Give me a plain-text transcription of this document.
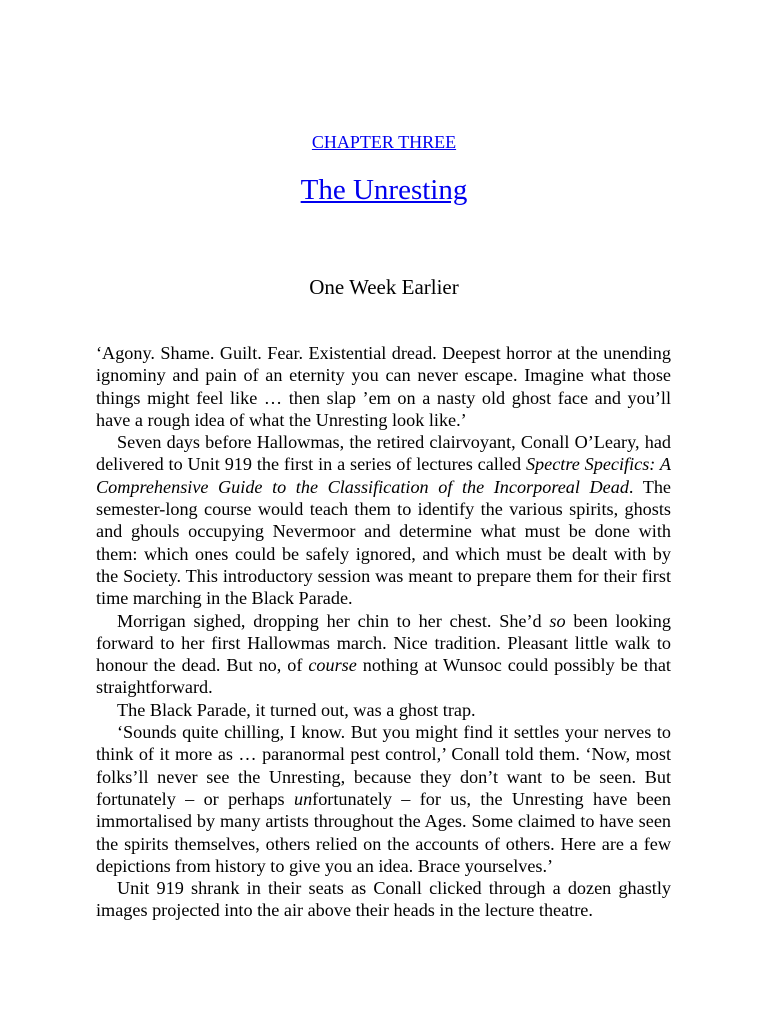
CHAPTER THREE
The Unresting
One Week Earlier

‘Agony. Shame. Guilt. Fear. Existential dread. Deepest horror at the unending ignominy and pain of an eternity you can never escape. Imagine what those things might feel like … then slap ’em on a nasty old ghost face and you’ll have a rough idea of what the Unresting look like.’

Seven days before Hallowmas, the retired clairvoyant, Conall O’Leary, had delivered to Unit 919 the first in a series of lectures called Spectre Specifics: A Comprehensive Guide to the Classification of the Incorporeal Dead. The semester-long course would teach them to identify the various spirits, ghosts and ghouls occupying Nevermoor and determine what must be done with them: which ones could be safely ignored, and which must be dealt with by the Society. This introductory session was meant to prepare them for their first time marching in the Black Parade.

Morrigan sighed, dropping her chin to her chest. She’d so been looking forward to her first Hallowmas march. Nice tradition. Pleasant little walk to honour the dead. But no, of course nothing at Wunsoc could possibly be that straightforward.

The Black Parade, it turned out, was a ghost trap.

‘Sounds quite chilling, I know. But you might find it settles your nerves to think of it more as … paranormal pest control,’ Conall told them. ‘Now, most folks’ll never see the Unresting, because they don’t want to be seen. But fortunately – or perhaps unfortunately – for us, the Unresting have been immortalised by many artists throughout the Ages. Some claimed to have seen the spirits themselves, others relied on the accounts of others. Here are a few depictions from history to give you an idea. Brace yourselves.’

Unit 919 shrank in their seats as Conall clicked through a dozen ghastly images projected into the air above their heads in the lecture theatre.
